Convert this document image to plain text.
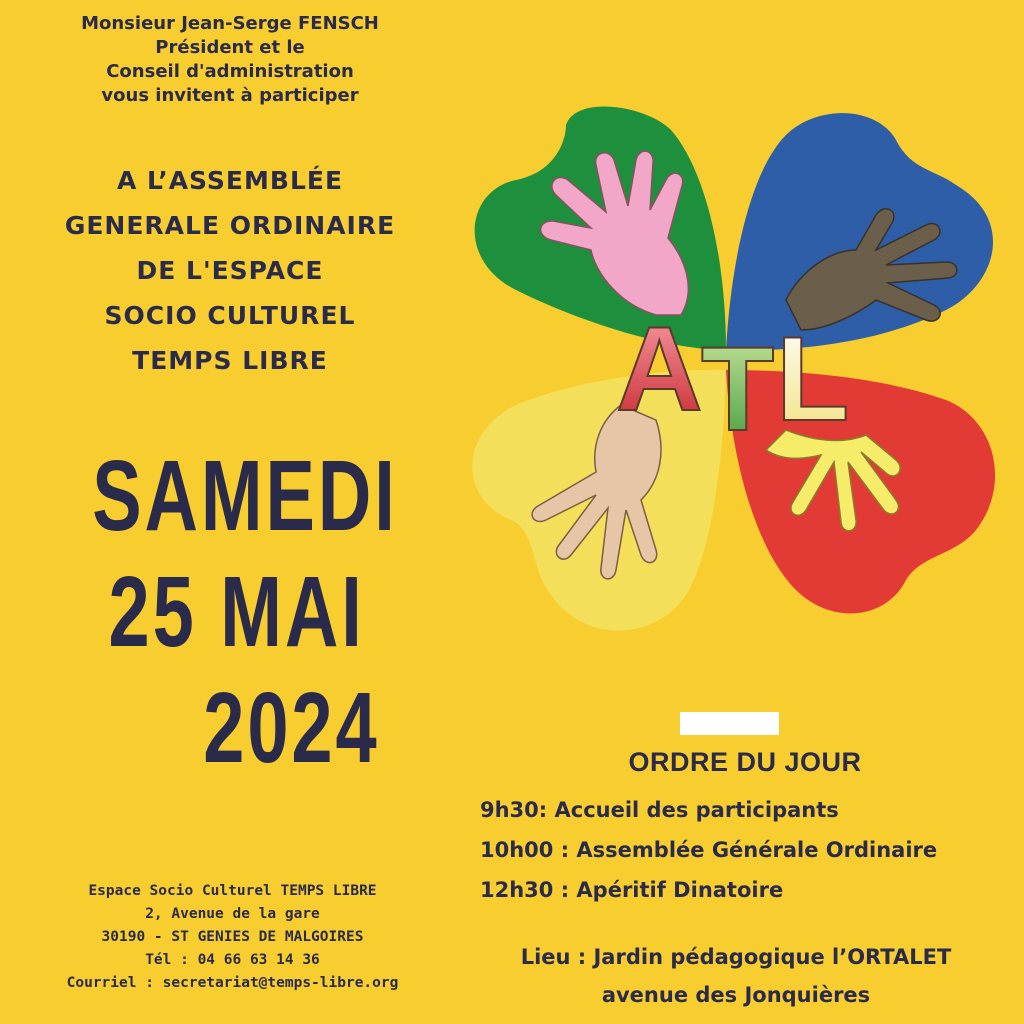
Monsieur Jean-Serge FENSCH
Président et le
Conseil d'administration
vous invitent à participer
A L’ASSEMBLÉE
GENERALE ORDINAIRE
DE L'ESPACE
SOCIO CULTUREL
TEMPS LIBRE
SAMEDI
25 MAI
2024
A
T L
ORDRE DU JOUR
9h30: Accueil des participants
10h00 : Assemblée Générale Ordinaire
12h30 : Apéritif Dinatoire
Lieu : Jardin pédagogique l’ORTALET
avenue des Jonquières
Espace Socio Culturel TEMPS LIBRE
2, Avenue de la gare
30190 - ST GENIES DE MALGOIRES
Tél : 04 66 63 14 36
Courriel : secretariat@temps-libre.org
